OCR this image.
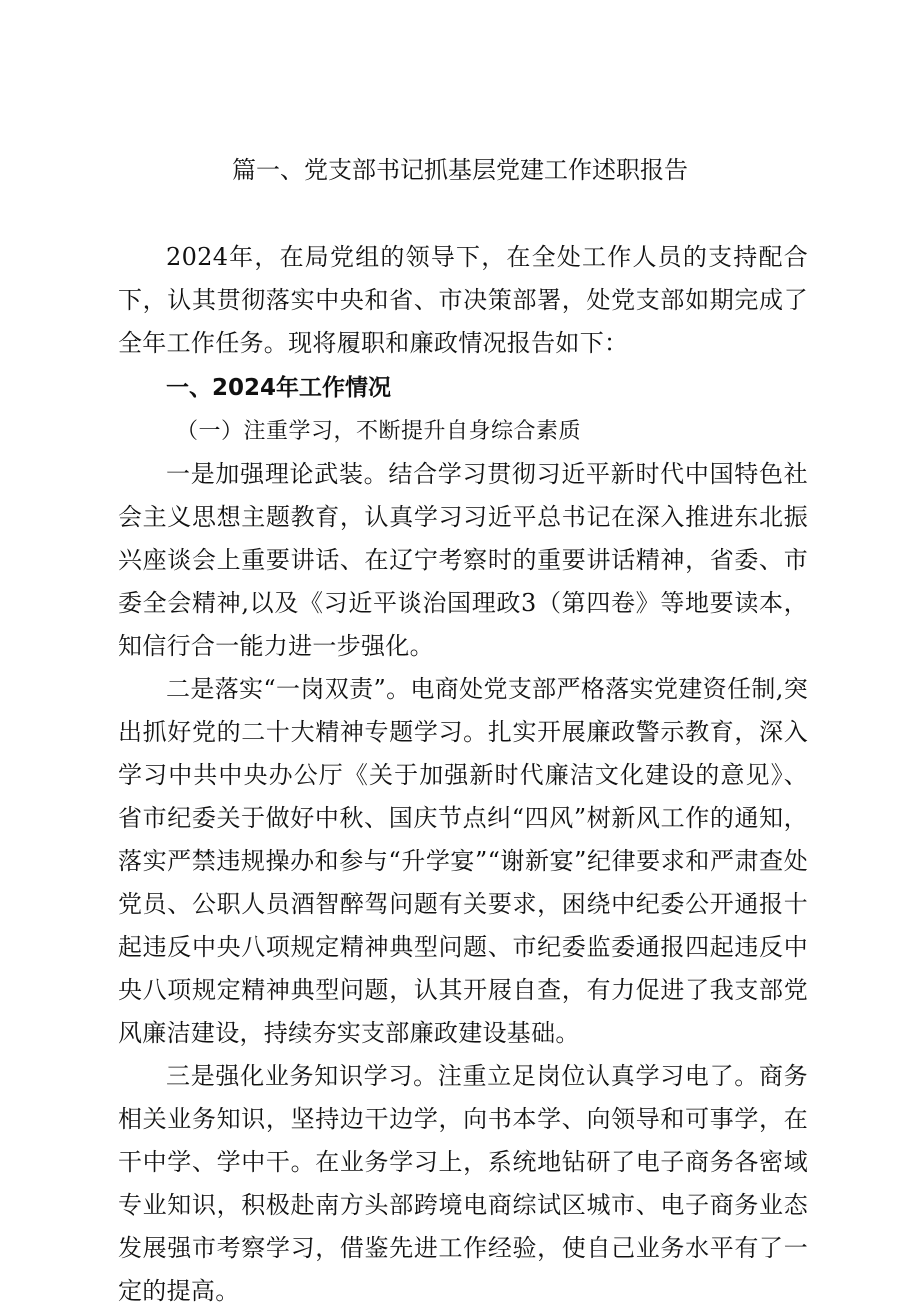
篇一、党支部书记抓基层党建工作述职报告

2024年，在局党组的领导下，在全处工作人员的支持配合下，认其贯彻落实中央和省、市决策部署，处党支部如期完成了全年工作任务。现将履职和廉政情况报告如下：

一、2024年工作情况

（一）注重学习，不断提升自身综合素质

一是加强理论武装。结合学习贯彻习近平新时代中国特色社会主义思想主题教育，认真学习习近平总书记在深入推进东北振兴座谈会上重要讲话、在辽宁考察时的重要讲话精神，省委、市委全会精神,以及《习近平谈治国理政3（第四卷》等地要读本，知信行合一能力进一步强化。

二是落实“一岗双责”。电商处党支部严格落实党建资任制,突出抓好党的二十大精神专题学习。扎实开展廉政警示教育，深入学习中共中央办公厅《关于加强新时代廉洁文化建设的意见》、省市纪委关于做好中秋、国庆节点纠“四风”树新风工作的通知，落实严禁违规操办和参与“升学宴”“谢新宴”纪律要求和严肃查处党员、公职人员酒智醉驾问题有关要求，困绕中纪委公开通报十起违反中央八项规定精神典型问题、市纪委监委通报四起违反中央八项规定精神典型问题，认其开屐自查，有力促进了我支部党风廉洁建设，持续夯实支部廉政建设基础。

三是强化业务知识学习。注重立足岗位认真学习电了。商务相关业务知识，坚持边干边学，向书本学、向领导和可事学，在干中学、学中干。在业务学习上，系统地钻研了电子商务各密域专业知识，积极赴南方头部跨境电商综试区城市、电子商务业态发展强市考察学习，借鉴先进工作经验，使自己业务水平有了一定的提高。
